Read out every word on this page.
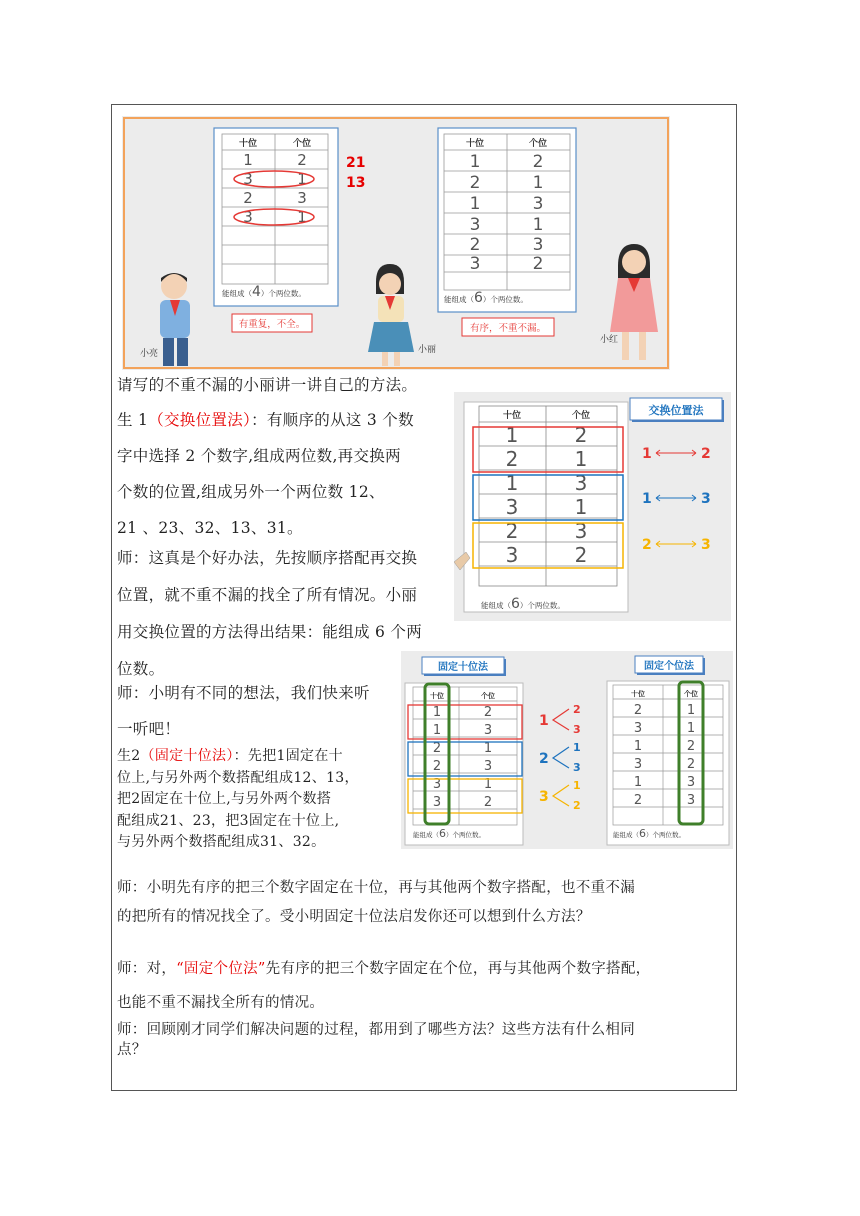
十位	个位
1	2
3	1
2	3
3	1
能组成（4）个两位数。
21
13
有重复，不全。
十位	个位
1	2
2	1
1	3
3	1
2	3
3	2
能组成（6）个两位数。
有序，不重不漏。
小亮	小丽
小红
十位	个位
1	2
2	1
1	3
3	1
2	3
3	2
能组成（6）个两位数。
交换位置法
1	2
1	3
2	3
固定十位法	固定个位法
十位	个位
1	2
1	3
2	1
2	3
3	1
3	2
能组成（6）个两位数。
1
2
3
2
1
3
3
1
2
十位	个位
2	1
3	1
1	2
3	2
1	3
2	3
能组成（6）个两位数。
请写的不重不漏的小丽讲一讲自己的方法。
生 1（交换位置法）：有顺序的从这 3 个数
字中选择 2 个数字,组成两位数,再交换两
个数的位置,组成另外一个两位数 12、
21 、23、32、13、31。
师：这真是个好办法，先按顺序搭配再交换
位置，就不重不漏的找全了所有情况。小丽
用交换位置的方法得出结果：能组成 6 个两
位数。
师：小明有不同的想法，我们快来听
一听吧！
生2（固定十位法）：先把1固定在十
位上,与另外两个数搭配组成12、13，
把2固定在十位上,与另外两个数搭
配组成21、23，把3固定在十位上,
与另外两个数搭配组成31、32。
师：小明先有序的把三个数字固定在十位，再与其他两个数字搭配，也不重不漏
的把所有的情况找全了。受小明固定十位法启发你还可以想到什么方法？
师：对，“固定个位法”先有序的把三个数字固定在个位，再与其他两个数字搭配，
也能不重不漏找全所有的情况。
师：回顾刚才同学们解决问题的过程，都用到了哪些方法？这些方法有什么相同
点？
